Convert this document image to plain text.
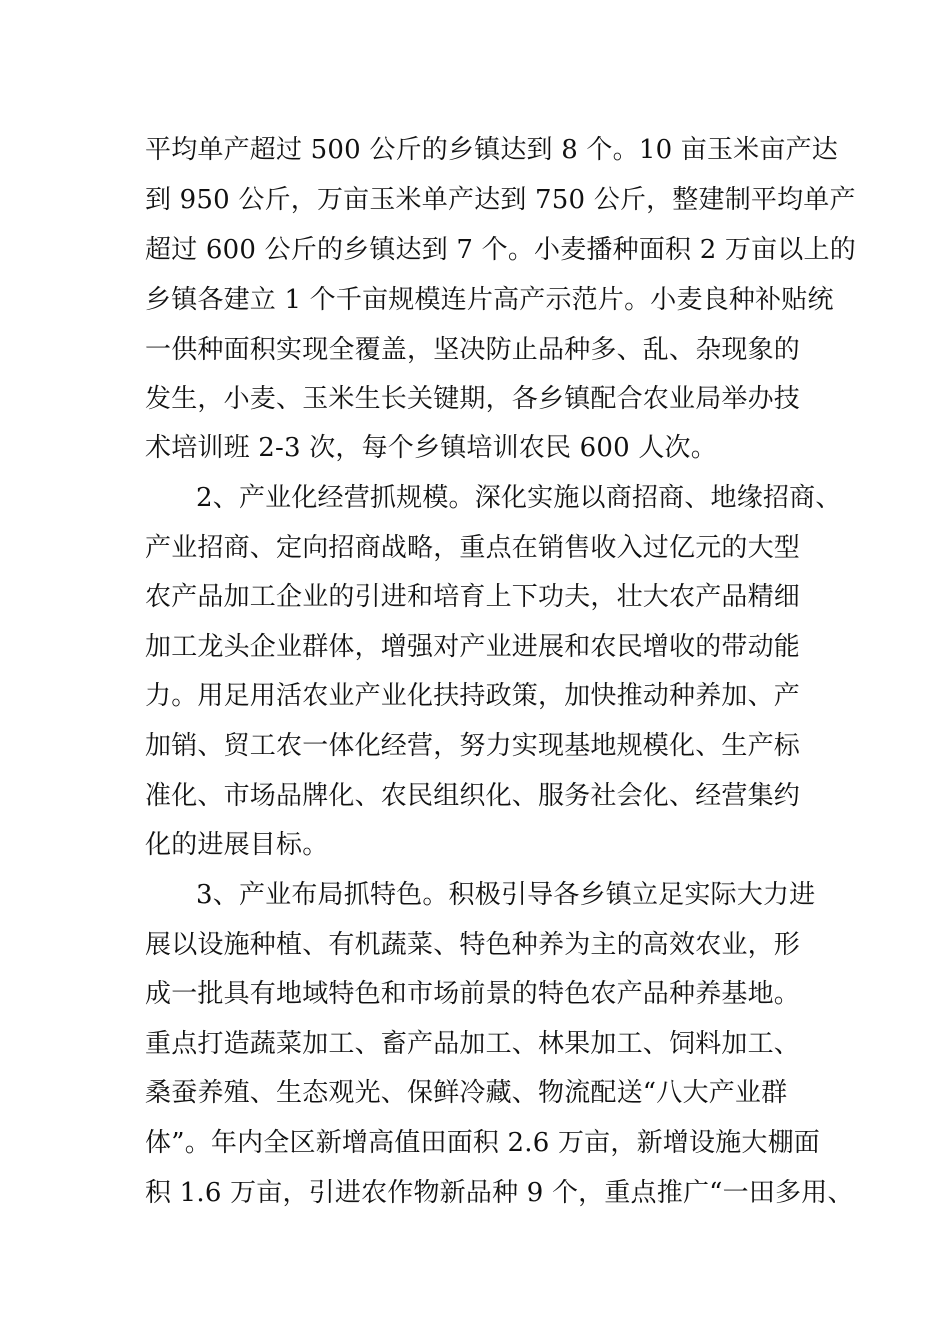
平均单产超过 500 公斤的乡镇达到 8 个。10 亩玉米亩产达
到 950 公斤，万亩玉米单产达到 750 公斤，整建制平均单产
超过 600 公斤的乡镇达到 7 个。小麦播种面积 2 万亩以上的
乡镇各建立 1 个千亩规模连片高产示范片。小麦良种补贴统
一供种面积实现全覆盖，坚决防止品种多、乱、杂现象的
发生，小麦、玉米生长关键期，各乡镇配合农业局举办技
术培训班 2-3 次，每个乡镇培训农民 600 人次。
2、产业化经营抓规模。深化实施以商招商、地缘招商、
产业招商、定向招商战略，重点在销售收入过亿元的大型
农产品加工企业的引进和培育上下功夫，壮大农产品精细
加工龙头企业群体，增强对产业进展和农民增收的带动能
力。用足用活农业产业化扶持政策，加快推动种养加、产
加销、贸工农一体化经营，努力实现基地规模化、生产标
准化、市场品牌化、农民组织化、服务社会化、经营集约
化的进展目标。
3、产业布局抓特色。积极引导各乡镇立足实际大力进
展以设施种植、有机蔬菜、特色种养为主的高效农业，形
成一批具有地域特色和市场前景的特色农产品种养基地。
重点打造蔬菜加工、畜产品加工、林果加工、饲料加工、
桑蚕养殖、生态观光、保鲜冷藏、物流配送“八大产业群
体”。年内全区新增高值田面积 2.6 万亩，新增设施大棚面
积 1.6 万亩，引进农作物新品种 9 个，重点推广“一田多用、
